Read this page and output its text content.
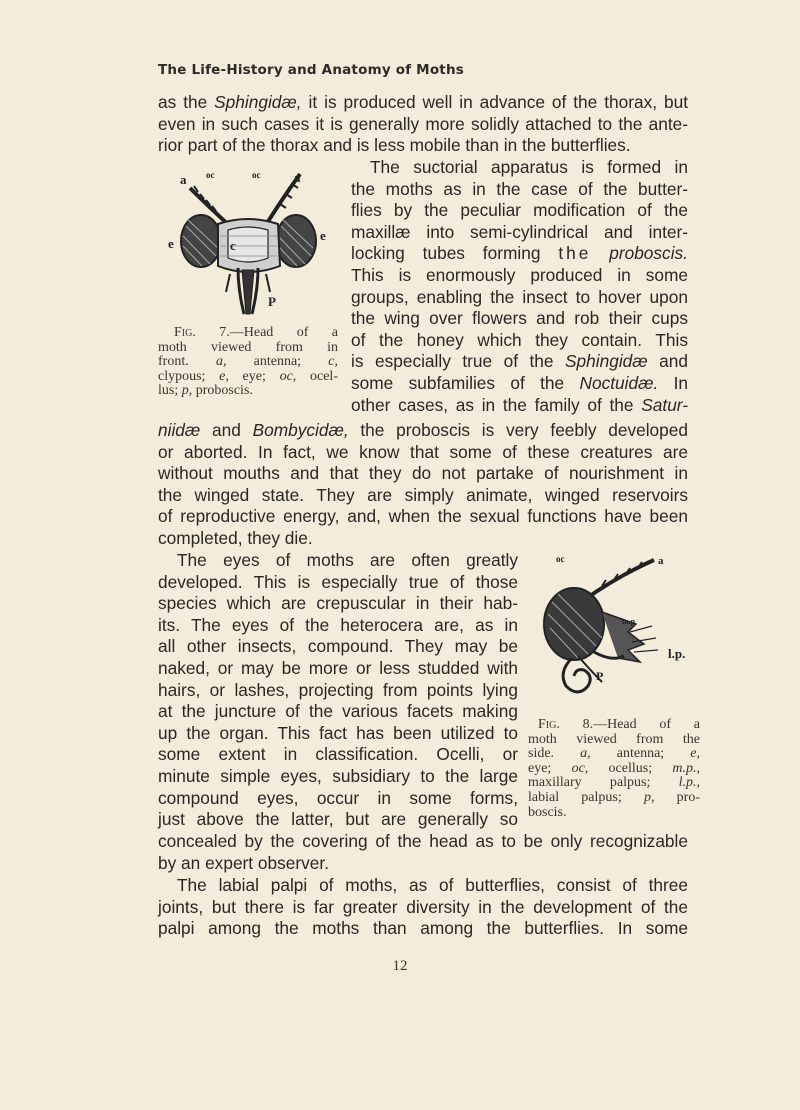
The Life-History and Anatomy of Moths
as the Sphingidæ, it is produced well in advance of the thorax, but
even in such cases it is generally more solidly attached to the ante-
rior part of the thorax and is less mobile than in the butterflies.
a oc	oc	a
c
e
e
P
Fig. 7.—Head of a
moth viewed from in
front. a, antenna; c,
clypous; e, eye; oc, ocel-
lus; p, proboscis.
The suctorial apparatus is formed in
the moths as in the case of the butter-
flies by the peculiar modification of the
maxillæ into semi-cylindrical and inter-
locking tubes forming the proboscis.
This is enormously produced in some
groups, enabling the insect to hover upon
the wing over flowers and rob their cups
of the honey which they contain. This
is especially true of the Sphingidæ and
some subfamilies of the Noctuidæ. In
other cases, as in the family of the Satur-
niidæ and Bombycidæ, the proboscis is very feebly developed
or aborted. In fact, we know that some of these creatures are
without mouths and that they do not partake of nourishment in
the winged state. They are simply animate, winged reservoirs
of reproductive energy, and, when the sexual functions have been
completed, they die.
The eyes of moths are often greatly
developed. This is especially true of those
species which are crepuscular in their hab-
its. The eyes of the heterocera are, as in
all other insects, compound. They may be
naked, or may be more or less studded with
hairs, or lashes, projecting from points lying
at the juncture of the various facets making
up the organ. This fact has been utilized to
some extent in classification. Ocelli, or
minute simple eyes, subsidiary to the large
compound eyes, occur in some forms,
just above the latter, but are generally so
concealed by the covering of the head as to be only recognizable
by an expert observer.
oc	a
m.p
l.p.
P
Fig. 8.—Head of a
moth viewed from the
side. a, antenna; e,
eye; oc, ocellus; m.p.,
maxillary palpus; l.p.,
labial palpus; p, pro-
boscis.
The labial palpi of moths, as of butterflies, consist of three
joints, but there is far greater diversity in the development of the
palpi among the moths than among the butterflies. In some
12
